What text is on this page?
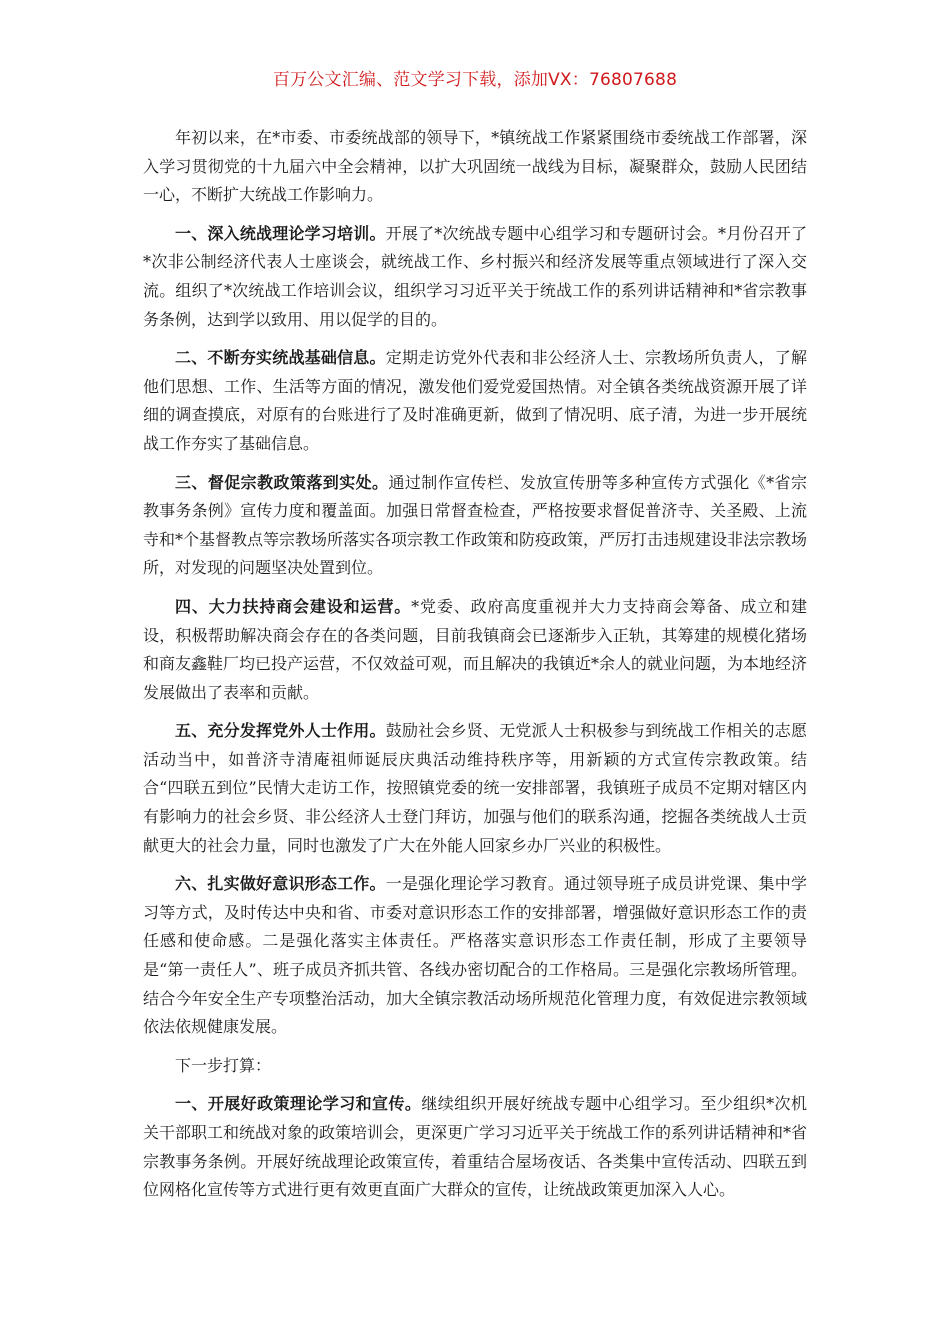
百万公文汇编、范文学习下载，添加VX：76807688

年初以来，在*市委、市委统战部的领导下，*镇统战工作紧紧围绕市委统战工作部署，深入学习贯彻党的十九届六中全会精神，以扩大巩固统一战线为目标，凝聚群众，鼓励人民团结一心，不断扩大统战工作影响力。

一、深入统战理论学习培训。开展了*次统战专题中心组学习和专题研讨会。*月份召开了*次非公制经济代表人士座谈会，就统战工作、乡村振兴和经济发展等重点领域进行了深入交流。组织了*次统战工作培训会议，组织学习习近平关于统战工作的系列讲话精神和*省宗教事务条例，达到学以致用、用以促学的目的。

二、不断夯实统战基础信息。定期走访党外代表和非公经济人士、宗教场所负责人，了解他们思想、工作、生活等方面的情况，激发他们爱党爱国热情。对全镇各类统战资源开展了详细的调查摸底，对原有的台账进行了及时准确更新，做到了情况明、底子清，为进一步开展统战工作夯实了基础信息。

三、督促宗教政策落到实处。通过制作宣传栏、发放宣传册等多种宣传方式强化《*省宗教事务条例》宣传力度和覆盖面。加强日常督查检查，严格按要求督促普济寺、关圣殿、上流寺和*个基督教点等宗教场所落实各项宗教工作政策和防疫政策，严厉打击违规建设非法宗教场所，对发现的问题坚决处置到位。

四、大力扶持商会建设和运营。*党委、政府高度重视并大力支持商会筹备、成立和建设，积极帮助解决商会存在的各类问题，目前我镇商会已逐渐步入正轨，其筹建的规模化猪场和商友鑫鞋厂均已投产运营，不仅效益可观，而且解决的我镇近*余人的就业问题，为本地经济发展做出了表率和贡献。

五、充分发挥党外人士作用。鼓励社会乡贤、无党派人士积极参与到统战工作相关的志愿活动当中，如普济寺清庵祖师诞辰庆典活动维持秩序等，用新颖的方式宣传宗教政策。结合“四联五到位”民情大走访工作，按照镇党委的统一安排部署，我镇班子成员不定期对辖区内有影响力的社会乡贤、非公经济人士登门拜访，加强与他们的联系沟通，挖掘各类统战人士贡献更大的社会力量，同时也激发了广大在外能人回家乡办厂兴业的积极性。

六、扎实做好意识形态工作。一是强化理论学习教育。通过领导班子成员讲党课、集中学习等方式，及时传达中央和省、市委对意识形态工作的安排部署，增强做好意识形态工作的责任感和使命感。二是强化落实主体责任。严格落实意识形态工作责任制，形成了主要领导是“第一责任人”、班子成员齐抓共管、各线办密切配合的工作格局。三是强化宗教场所管理。结合今年安全生产专项整治活动，加大全镇宗教活动场所规范化管理力度，有效促进宗教领域依法依规健康发展。

下一步打算：

一、开展好政策理论学习和宣传。继续组织开展好统战专题中心组学习。至少组织*次机关干部职工和统战对象的政策培训会，更深更广学习习近平关于统战工作的系列讲话精神和*省宗教事务条例。开展好统战理论政策宣传，着重结合屋场夜话、各类集中宣传活动、四联五到位网格化宣传等方式进行更有效更直面广大群众的宣传，让统战政策更加深入人心。
